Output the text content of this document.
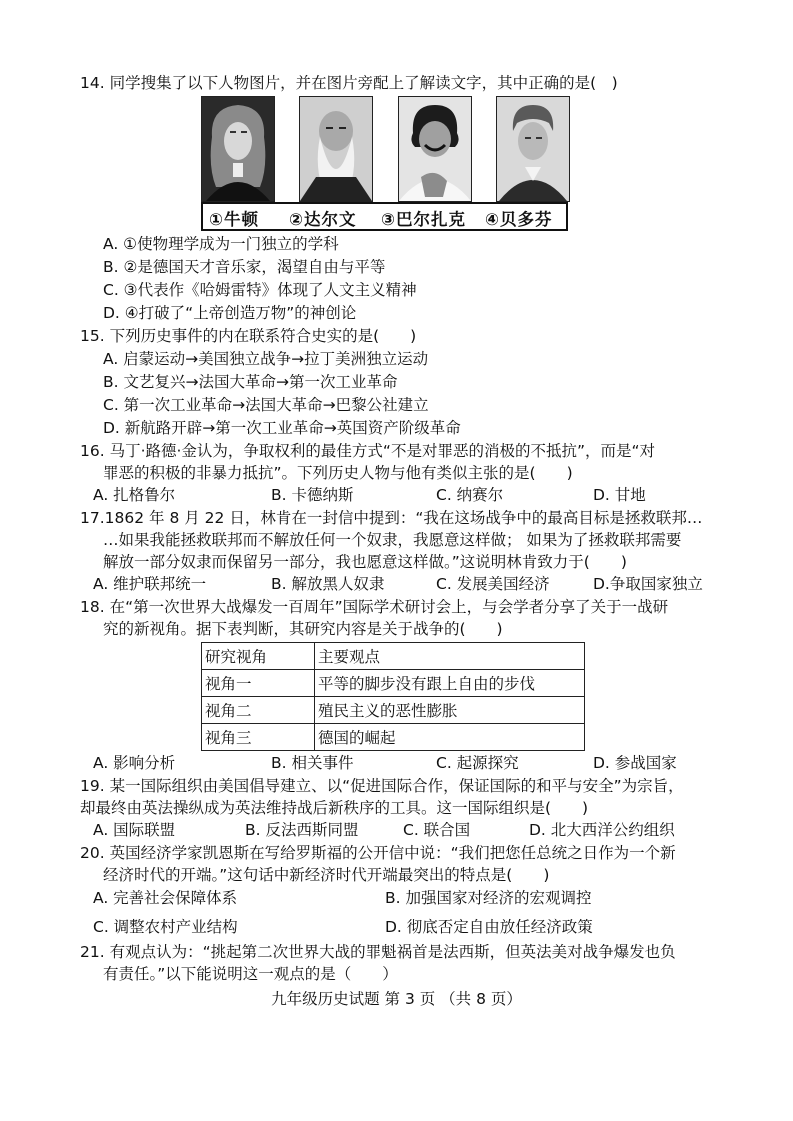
14. 同学搜集了以下人物图片，并在图片旁配上了解读文字，其中正确的是(　)
①牛顿 ②达尔文 ③巴尔扎克 ④贝多芬
A. ①使物理学成为一门独立的学科
B. ②是德国天才音乐家，渴望自由与平等
C. ③代表作《哈姆雷特》体现了人文主义精神
D. ④打破了“上帝创造万物”的神创论
15. 下列历史事件的内在联系符合史实的是(　　)
A. 启蒙运动→美国独立战争→拉丁美洲独立运动
B. 文艺复兴→法国大革命→第一次工业革命
C. 第一次工业革命→法国大革命→巴黎公社建立
D. 新航路开辟→第一次工业革命→英国资产阶级革命
16. 马丁·路德·金认为，争取权利的最佳方式“不是对罪恶的消极的不抵抗”，而是“对
罪恶的积极的非暴力抵抗”。下列历史人物与他有类似主张的是(　　)
A. 扎格鲁尔	B. 卡德纳斯	C. 纳赛尔	D. 甘地
17.1862 年 8 月 22 日，林肯在一封信中提到：“我在这场战争中的最高目标是拯救联邦…
…如果我能拯救联邦而不解放任何一个奴隶，我愿意这样做； 如果为了拯救联邦需要
解放一部分奴隶而保留另一部分，我也愿意这样做。”这说明林肯致力于(　　)
A. 维护联邦统一	B. 解放黑人奴隶	C. 发展美国经济	D.争取国家独立
18. 在“第一次世界大战爆发一百周年”国际学术研讨会上，与会学者分享了关于一战研
究的新视角。据下表判断，其研究内容是关于战争的(　　)
研究视角	主要观点
视角一	平等的脚步没有跟上自由的步伐
视角二	殖民主义的恶性膨胀
视角三	德国的崛起
A. 影响分析	B. 相关事件	C. 起源探究	D. 参战国家
19. 某一国际组织由美国倡导建立、以“促进国际合作，保证国际的和平与安全”为宗旨，
却最终由英法操纵成为英法维持战后新秩序的工具。这一国际组织是(　　)
A. 国际联盟	B. 反法西斯同盟	C. 联合国	D. 北大西洋公约组织
20. 英国经济学家凯恩斯在写给罗斯福的公开信中说：“我们把您任总统之日作为一个新
经济时代的开端。”这句话中新经济时代开端最突出的特点是(　　)
A. 完善社会保障体系	B. 加强国家对经济的宏观调控
C. 调整农村产业结构	D. 彻底否定自由放任经济政策
21. 有观点认为：“挑起第二次世界大战的罪魁祸首是法西斯，但英法美对战争爆发也负
有责任。”以下能说明这一观点的是（　　）
九年级历史试题 第 3 页 （共 8 页）
